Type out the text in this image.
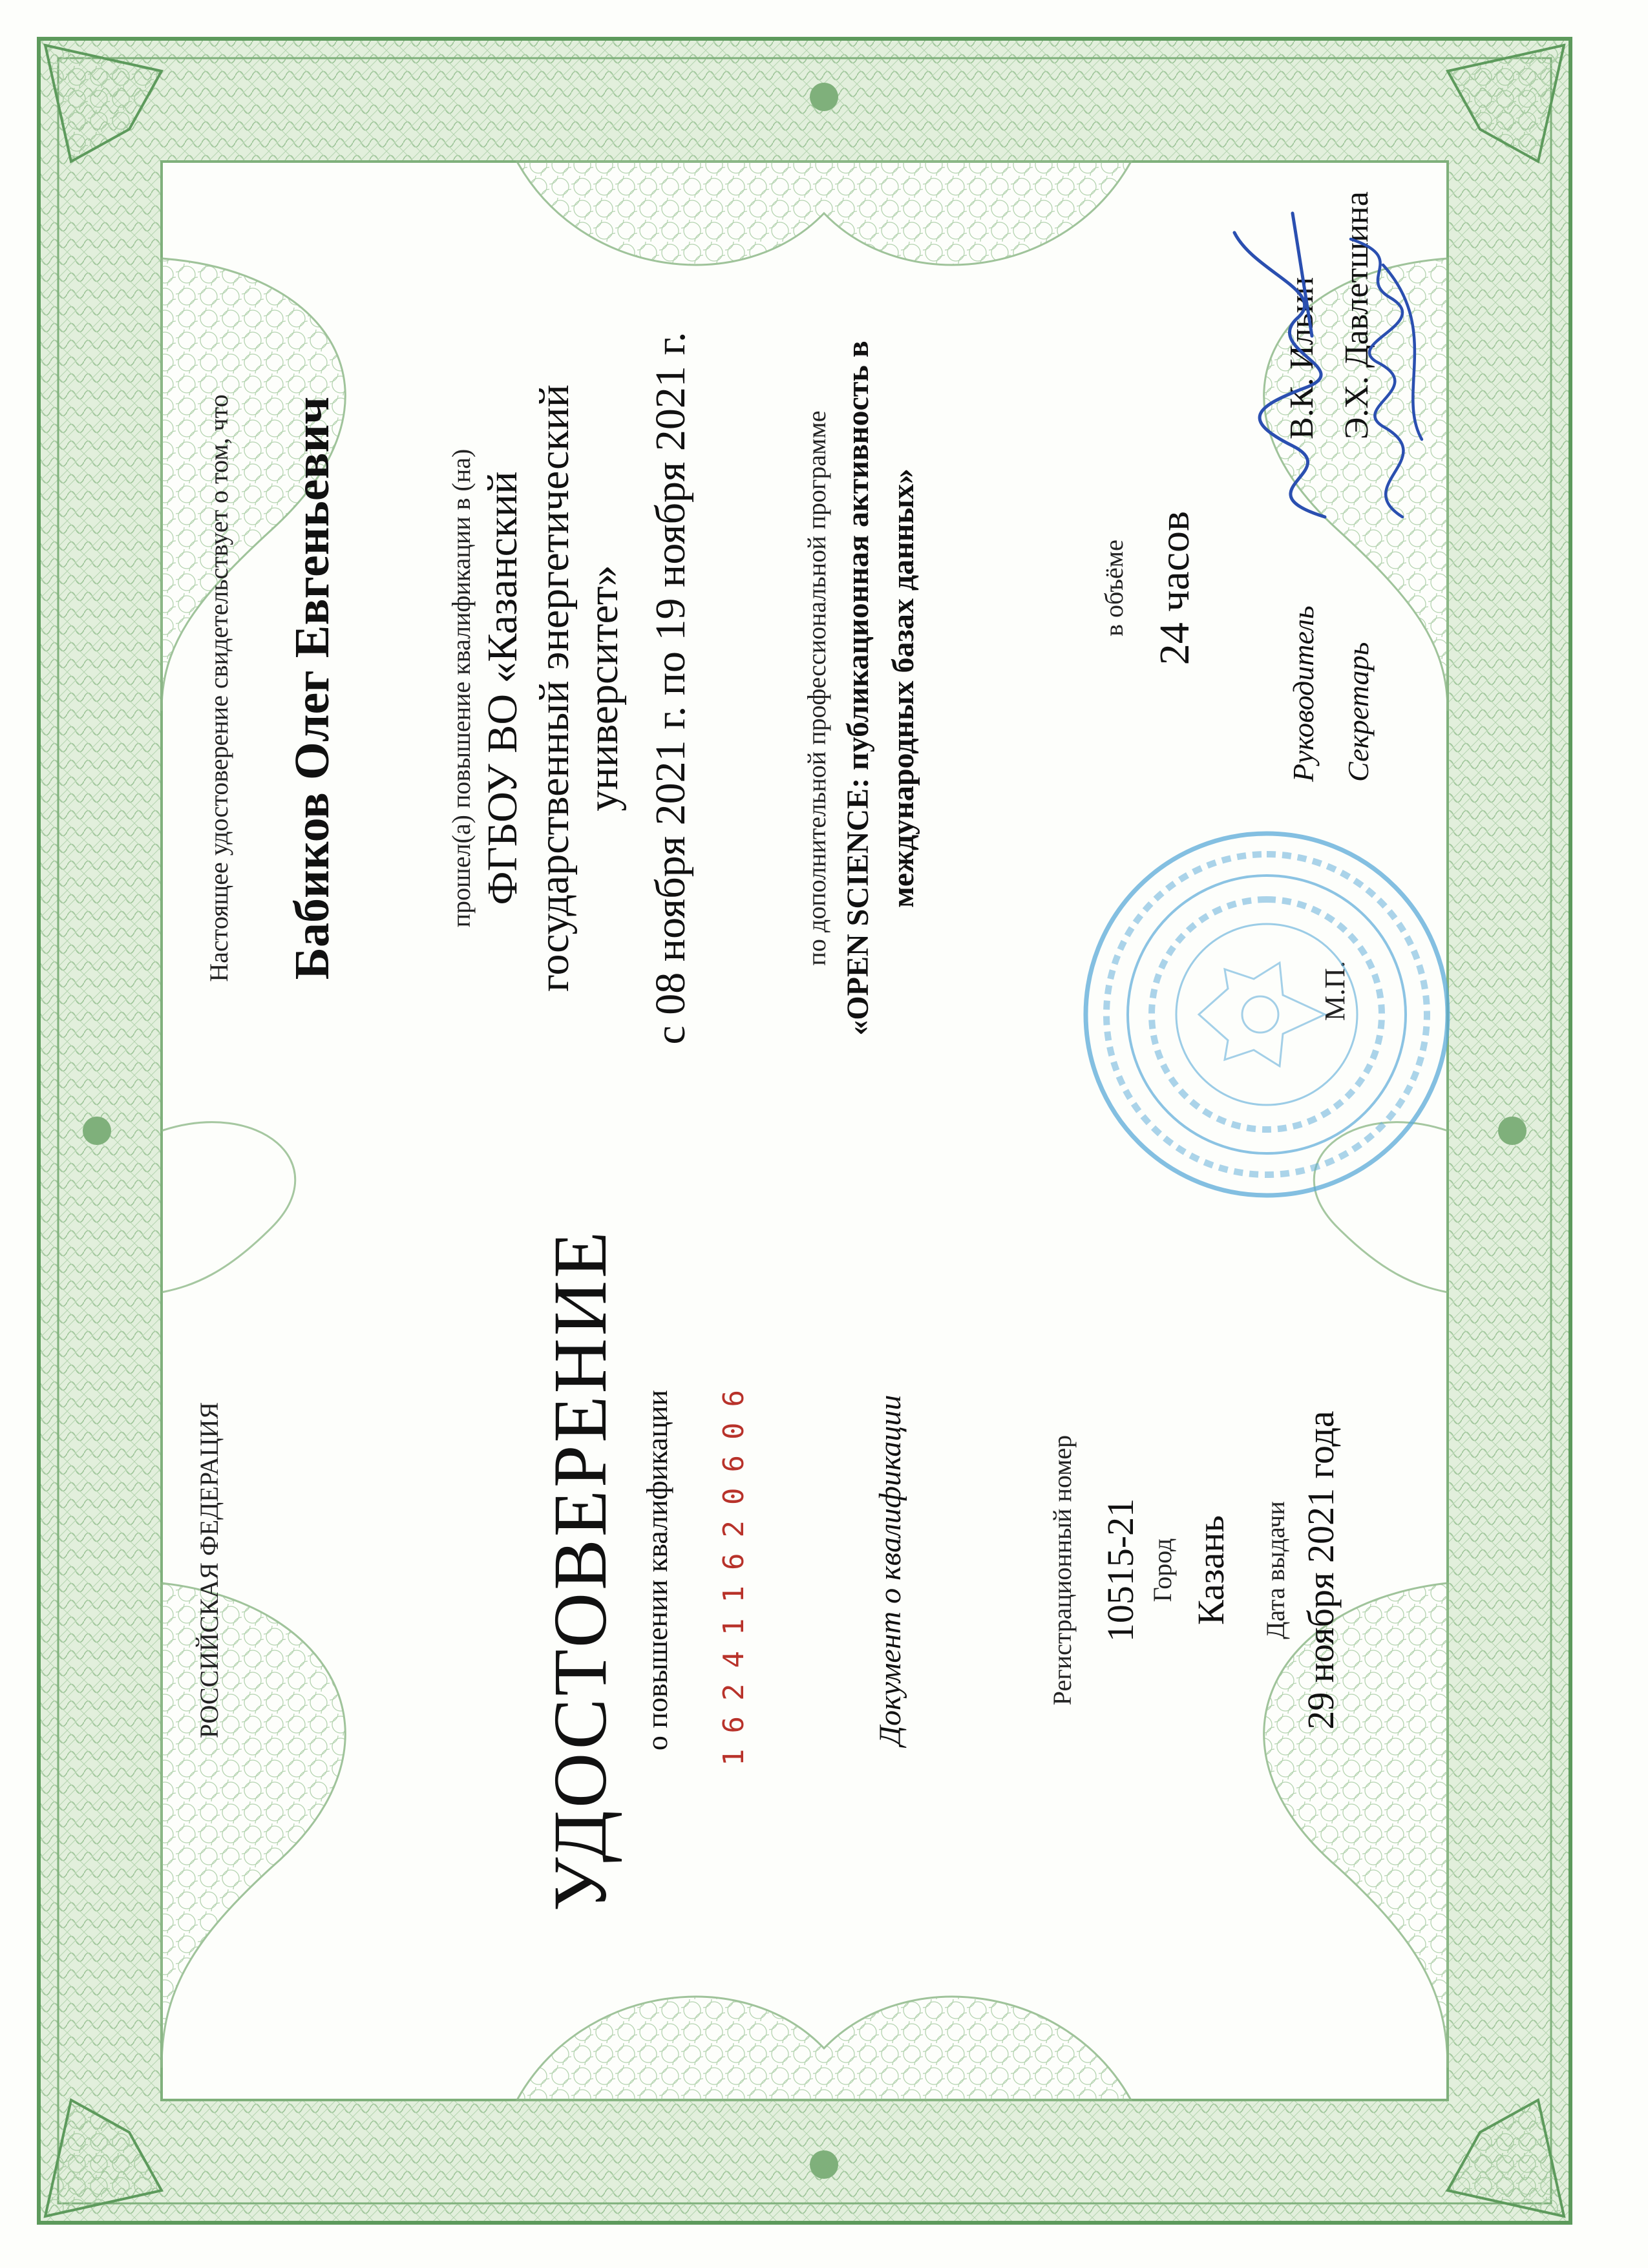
РОССИЙСКАЯ ФЕДЕРАЦИЯ	УДОСТОВЕРЕНИЕ о повышении квалификации 162411620606	Документ о квалификации	Регистрационный номер 10515-21 Город Казань Дата выдачи 29 ноября 2021 года
Настоящее удостоверение свидетельствует о том, что Бабиков Олег Евгеньевич	прошел(а) повышение квалификации в (на) ФГБОУ ВО «Казанский государственный энергетический университет» с 08 ноября 2021 г. по 19 ноября 2021 г.	по дополнительной профессиональной программе «OPEN SCIENCE: публикационная активность в международных базах данных»	в объёме 24 часов
М.П.
Руководитель
В.К. Ильин
Секретарь
Э.Х. Давлетшина
